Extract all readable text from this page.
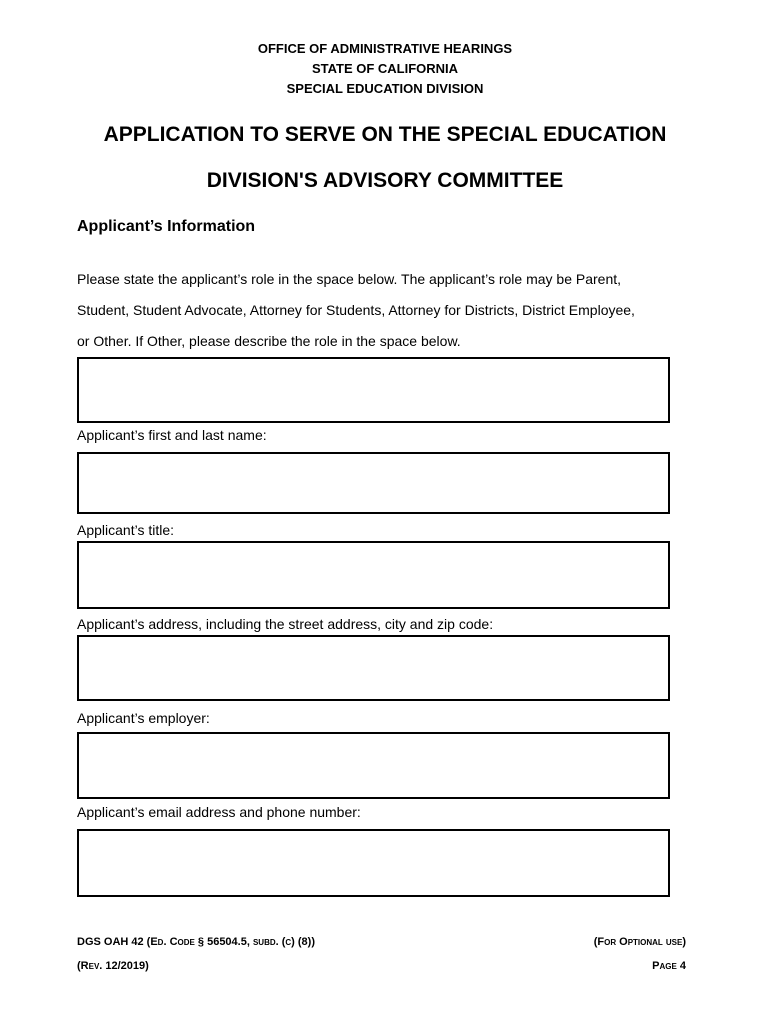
OFFICE OF ADMINISTRATIVE HEARINGS
STATE OF CALIFORNIA
SPECIAL EDUCATION DIVISION
APPLICATION TO SERVE ON THE SPECIAL EDUCATION
DIVISION'S ADVISORY COMMITTEE
Applicant’s Information
Please state the applicant’s role in the space below. The applicant’s role may be Parent,
Student, Student Advocate, Attorney for Students, Attorney for Districts, District Employee,
or Other. If Other, please describe the role in the space below.
Applicant’s first and last name:
Applicant’s title:
Applicant’s address, including the street address, city and zip code:
Applicant’s employer:
Applicant’s email address and phone number:
DGS OAH 42 (Ed. Code § 56504.5, subd. (c) (8))
(Rev. 12/2019)
(For Optional use)
Page 4
